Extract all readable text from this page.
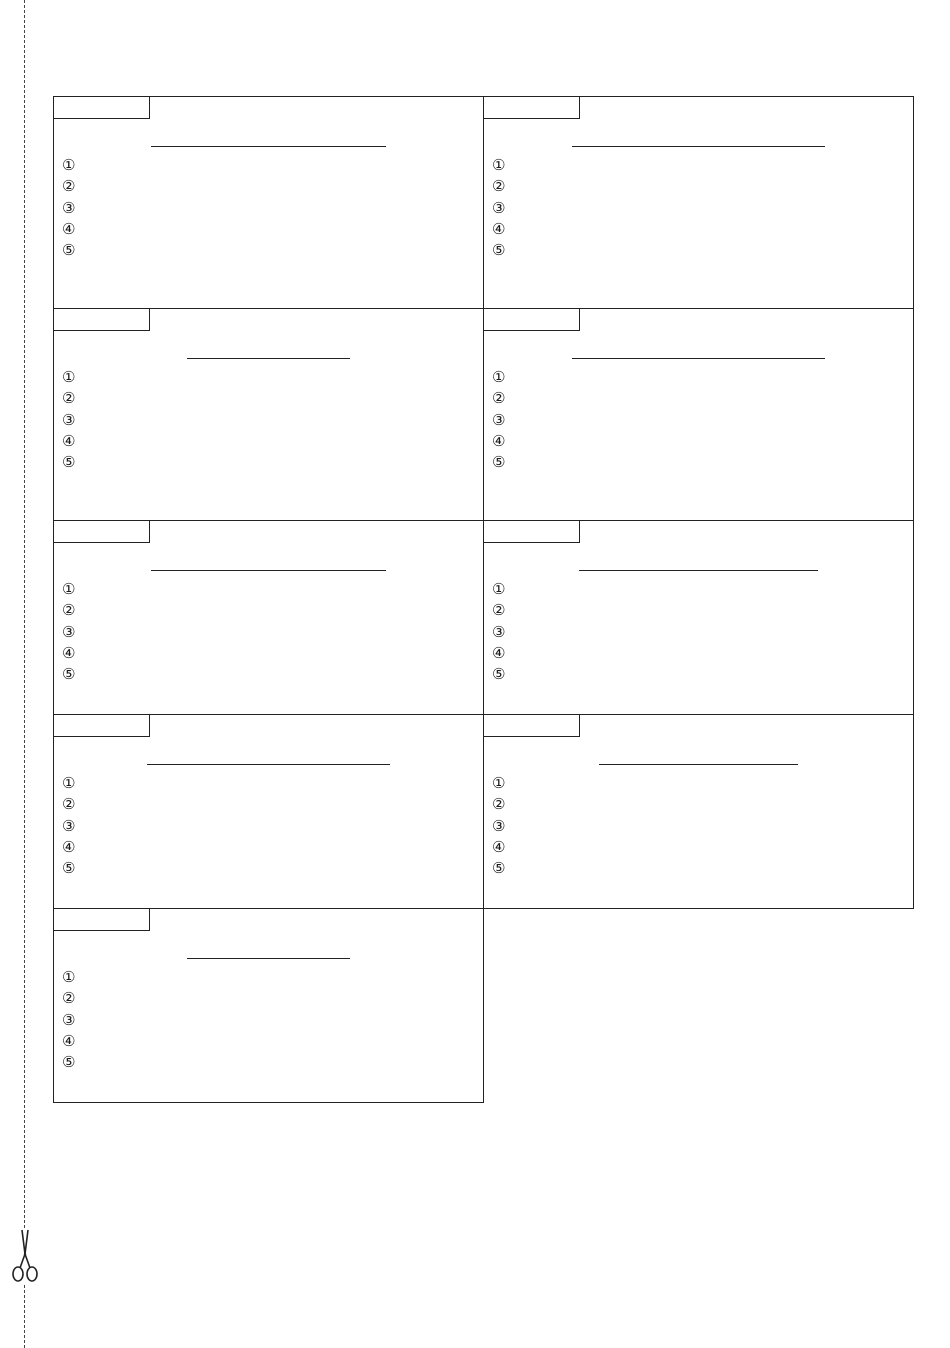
①
②
③
④
⑤
①
②
③
④
⑤
①
②
③
④
⑤
①
②
③
④
⑤
①
②
③
④
⑤
①
②
③
④
⑤
①
②
③
④
⑤
①
②
③
④
⑤
①
②
③
④
⑤
